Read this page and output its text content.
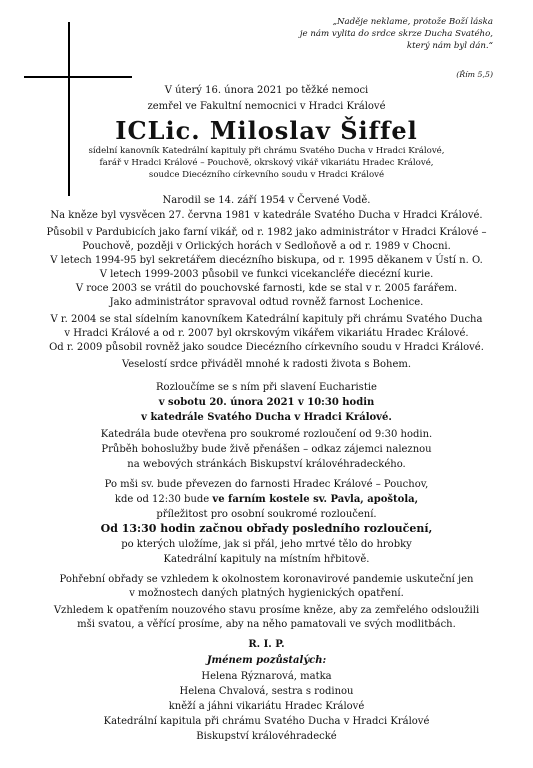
„Naděje neklame, protože Boží láska
je nám vylita do srdce skrze Ducha Svatého,
který nám byl dán.“
(Řím 5,5)
V úterý 16. února 2021 po těžké nemoci
zemřel ve Fakultní nemocnici v Hradci Králové
ICLic. Miloslav Šiffel
sídelní kanovník Katedrální kapituly při chrámu Svatého Ducha v Hradci Králové,
farář v Hradci Králové – Pouchově, okrskový vikář vikariátu Hradec Králové,
soudce Diecézního církevního soudu v Hradci Králové
Narodil se 14. září 1954 v Červené Vodě.
Na kněze byl vysvěcen 27. června 1981 v katedrále Svatého Ducha v Hradci Králové.
Působil v Pardubicích jako farní vikář, od r. 1982 jako administrátor v Hradci Králové –
Pouchově, později v Orlických horách v Sedloňově a od r. 1989 v Chocni.
V letech 1994-95 byl sekretářem diecézního biskupa, od r. 1995 děkanem v Ústí n. O.
V letech 1999-2003 působil ve funkci vicekancléře diecézní kurie.
V roce 2003 se vrátil do pouchovské farnosti, kde se stal v r. 2005 farářem.
Jako administrátor spravoval odtud rovněž farnost Lochenice.
V r. 2004 se stal sídelním kanovníkem Katedrální kapituly při chrámu Svatého Ducha
v Hradci Králové a od r. 2007 byl okrskovým vikářem vikariátu Hradec Králové.
Od r. 2009 působil rovněž jako soudce Diecézního církevního soudu v Hradci Králové.
Veselostí srdce přiváděl mnohé k radosti života s Bohem.
Rozloučíme se s ním při slavení Eucharistie
v sobotu 20. února 2021 v 10:30 hodin
v katedrále Svatého Ducha v Hradci Králové.
Katedrála bude otevřena pro soukromé rozloučení od 9:30 hodin.
Průběh bohoslužby bude živě přenášen – odkaz zájemci naleznou
na webových stránkách Biskupství královéhradeckého.
Po mši sv. bude převezen do farnosti Hradec Králové – Pouchov,
kde od 12:30 bude ve farním kostele sv. Pavla, apoštola,
příležitost pro osobní soukromé rozloučení.
Od 13:30 hodin začnou obřady posledního rozloučení,
po kterých uložíme, jak si přál, jeho mrtvé tělo do hrobky
Katedrální kapituly na místním hřbitově.
Pohřební obřady se vzhledem k okolnostem koronavirové pandemie uskuteční jen
v možnostech daných platných hygienických opatření.
Vzhledem k opatřením nouzového stavu prosíme kněze, aby za zemřelého odsloužili
mši svatou, a věřící prosíme, aby na něho pamatovali ve svých modlitbách.
R. I. P.
Jménem pozůstalých:
Helena Rýznarová, matka
Helena Chvalová, sestra s rodinou
kněží a jáhni vikariátu Hradec Králové
Katedrální kapitula při chrámu Svatého Ducha v Hradci Králové
Biskupství královéhradecké
